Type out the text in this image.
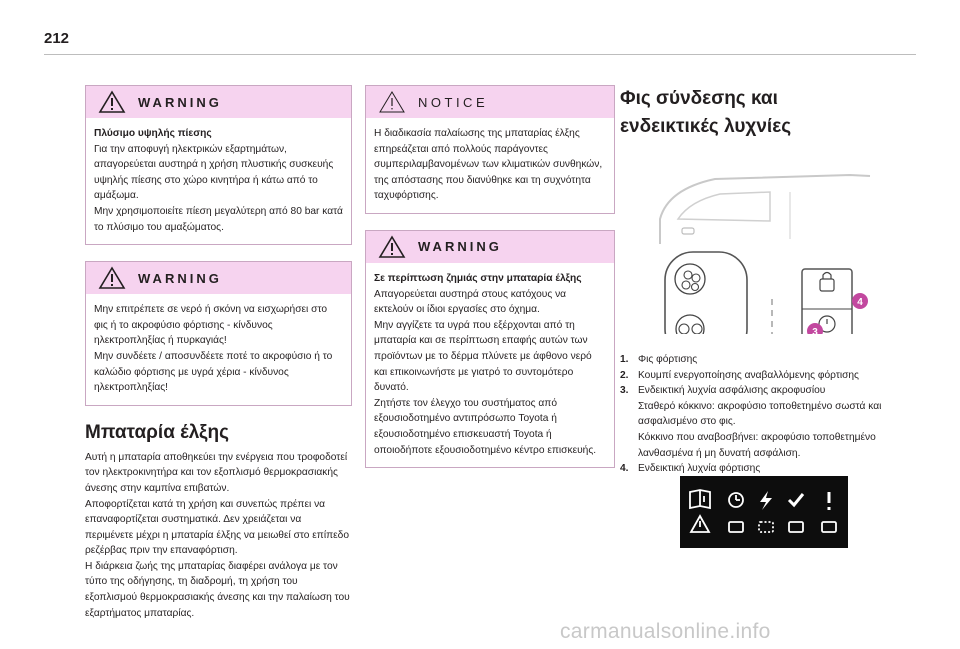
212
WARNING
Πλύσιμο υψηλής πίεσης

Για την αποφυγή ηλεκτρικών εξαρτημάτων, απαγορεύεται αυστηρά η χρήση πλυστικής συσκευής υψηλής πίεσης στο χώρο κινητήρα ή κάτω από το αμάξωμα.

Μην χρησιμοποιείτε πίεση μεγαλύτερη από 80 bar κατά το πλύσιμο του αμαξώματος.

WARNING

Μην επιτρέπετε σε νερό ή σκόνη να εισχωρήσει στο φις ή το ακροφύσιο φόρτισης - κίνδυνος ηλεκτροπληξίας ή πυρκαγιάς!

Μην συνδέετε / αποσυνδέετε ποτέ το ακροφύσιο ή το καλώδιο φόρτισης με υγρά χέρια - κίνδυνος ηλεκτροπληξίας!

Μπαταρία έλξης

Αυτή η μπαταρία αποθηκεύει την ενέργεια που τροφοδοτεί τον ηλεκτροκινητήρα και τον εξοπλισμό θερμοκρασιακής άνεσης στην καμπίνα επιβατών.

Αποφορτίζεται κατά τη χρήση και συνεπώς πρέπει να επαναφορτίζεται συστηματικά. Δεν χρειάζεται να περιμένετε μέχρι η μπαταρία έλξης να μειωθεί στο επίπεδο ρεζέρβας πριν την επαναφόρτιση.

Η διάρκεια ζωής της μπαταρίας διαφέρει ανάλογα με τον τύπο της οδήγησης, τη διαδρομή, τη χρήση του εξοπλισμού θερμοκρασιακής άνεσης και την παλαίωση του εξαρτήματος μπαταρίας.

NOTICE

Η διαδικασία παλαίωσης της μπαταρίας έλξης επηρεάζεται από πολλούς παράγοντες συμπεριλαμβανομένων των κλιματικών συνθηκών, της απόστασης που διανύθηκε και τη συχνότητα ταχυφόρτισης.

WARNING
Σε περίπτωση ζημιάς στην μπαταρία έλξης

Απαγορεύεται αυστηρά στους κατόχους να εκτελούν οι ίδιοι εργασίες στο όχημα.

Μην αγγίζετε τα υγρά που εξέρχονται από τη μπαταρία και σε περίπτωση επαφής αυτών των προϊόντων με το δέρμα πλύνετε με άφθονο νερό και επικοινωνήστε με γιατρό το συντομότερο δυνατό.

Ζητήστε τον έλεγχο του συστήματος από εξουσιοδοτημένο αντιπρόσωπο Toyota ή εξουσιοδοτημένο επισκευαστή Toyota ή οποιοδήποτε εξουσιοδοτημένο κέντρο επισκευής.

Φις σύνδεσης και ενδεικτικές λυχνίες
3
4
1. Φις φόρτισης
2. Κουμπί ενεργοποίησης αναβαλλόμενης φόρτισης
3. Ενδεικτική λυχνία ασφάλισης ακροφυσίου
Σταθερό κόκκινο: ακροφύσιο τοποθετημένο σωστά και ασφαλισμένο στο φις.
Κόκκινο που αναβοσβήνει: ακροφύσιο τοποθετημένο λανθασμένα ή μη δυνατή ασφάλιση.
4. Ενδεικτική λυχνία φόρτισης
carmanualsonline.info
